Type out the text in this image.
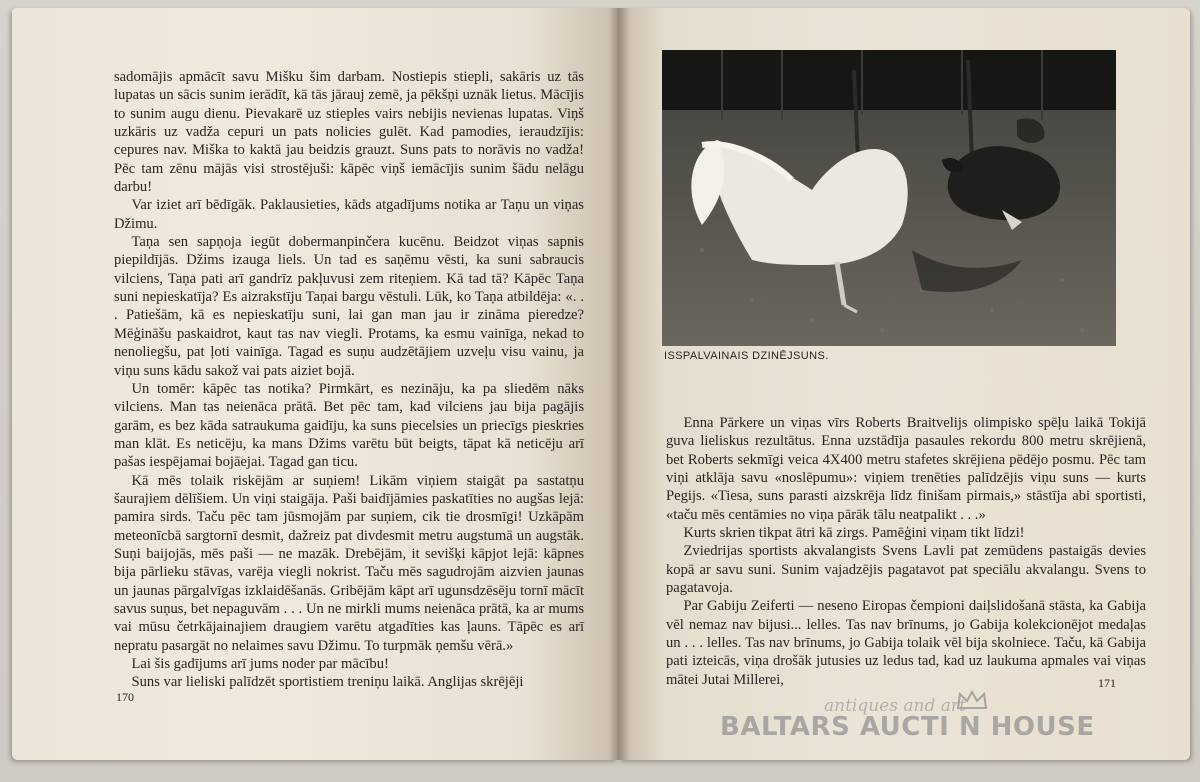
sadomājis apmācīt savu Mišku šim darbam. Nostiepis stiepli, sakāris uz tās lupatas un sācis sunim ierādīt, kā tās jārauj zemē, ja pēkšņi uznāk lietus. Mācījis to sunim augu dienu. Pievakarē uz stieples vairs nebijis nevienas lupatas. Viņš uzkāris uz vadža cepuri un pats nolicies gulēt. Kad pamodies, ieraudzījis: cepures nav. Miška to kaktā jau beidzis grauzt. Suns pats to norāvis no vadža! Pēc tam zēnu mājās visi strostējuši: kāpēc viņš iemācījis sunim šādu nelāgu darbu!

Var iziet arī bēdīgāk. Paklausieties, kāds atgadījums notika ar Taņu un viņas Džimu.

Taņa sen sapņoja iegūt dobermanpinčera kucēnu. Beidzot viņas sapnis piepildījās. Džims izauga liels. Un tad es saņēmu vēsti, ka suni sabraucis vilciens, Taņa pati arī gandrīz pakļuvusi zem riteņiem. Kā tad tā? Kāpēc Taņa suni nepieskatīja? Es aizrakstīju Taņai bargu vēstuli. Lūk, ko Taņa atbildēja: «. . . Patiešām, kā es nepieskatīju suni, lai gan man jau ir zināma pieredze? Mēģināšu paskaidrot, kaut tas nav viegli. Protams, ka esmu vainīga, nekad to nenoliegšu, pat ļoti vainīga. Tagad es suņu audzētājiem uzveļu visu vainu, ja viņu suns kādu sakož vai pats aiziet bojā.

Un tomēr: kāpēc tas notika? Pirmkārt, es nezināju, ka pa sliedēm nāks vilciens. Man tas neienāca prātā. Bet pēc tam, kad vilciens jau bija pagājis garām, es bez kāda satraukuma gaidīju, ka suns piecelsies un priecīgs pieskries man klāt. Es neticēju, ka mans Džims varētu būt beigts, tāpat kā neticēju arī pašas iespējamai bojāejai. Tagad gan ticu.

Kā mēs tolaik riskējām ar suņiem! Likām viņiem staigāt pa sastatņu šaurajiem dēlīšiem. Un viņi staigāja. Paši baidījāmies paskatīties no augšas lejā: pamira sirds. Taču pēc tam jūsmojām par suņiem, cik tie drosmīgi! Uzkāpām meteonīcbā sargtornī desmit, dažreiz pat divdesmit metru augstumā un augstāk. Suņi baijojās, mēs paši — ne mazāk. Drebējām, it sevišķi kāpjot lejā: kāpnes bija pārlieku stāvas, varēja viegli nokrist. Taču mēs sagudrojām aizvien jaunas un jaunas pārgalvīgas izklaidēšanās. Gribējām kāpt arī ugunsdzēsēju tornī mācīt savus suņus, bet nepaguvām . . . Un ne mirkli mums neienāca prātā, ka ar mums vai mūsu četrkājainajiem draugiem varētu atgadīties kas ļauns. Tāpēc es arī nepratu pasargāt no nelaimes savu Džimu. To turpmāk ņemšu vērā.»

Lai šis gadījums arī jums noder par mācību!

Suns var lieliski palīdzēt sportistiem treniņu laikā. Anglijas skrējēji

170
ISSPALVAINAIS DZINĒJSUNS.

Enna Pārkere un viņas vīrs Roberts Braitvelijs olimpisko spēļu laikā Tokijā guva lieliskus rezultātus. Enna uzstādīja pasaules rekordu 800 metru skrējienā, bet Roberts sekmīgi veica 4X400 metru stafetes skrējiena pēdējo posmu. Pēc tam viņi atklāja savu «noslēpumu»: viņiem trenēties palīdzējis viņu suns — kurts Pegijs. «Tiesa, suns parasti aizskrēja līdz finišam pirmais,» stāstīja abi sportisti, «taču mēs centāmies no viņa pārāk tālu neatpalikt . . .»

Kurts skrien tikpat ātri kā zirgs. Pamēģini viņam tikt līdzi!

Zviedrijas sportists akvalangists Svens Lavli pat zemūdens pastaigās devies kopā ar savu suni. Sunim vajadzējis pagatavot pat speciālu akvalangu. Svens to pagatavoja.

Par Gabiju Zeiferti — neseno Eiropas čempioni daiļslidošanā stāsta, ka Gabija vēl nemaz nav bijusi... lelles. Tas nav brīnums, jo Gabija kolekcionējot medaļas un . . . lelles. Tas nav brīnums, jo Gabija tolaik vēl bija skolniece. Taču, kā Gabija pati izteicās, viņa drošāk jutusies uz ledus tad, kad uz laukuma apmales vai viņas mātei Jutai Millerei,	171
antiques and art
BALTARS AUCTI N HOUSE
